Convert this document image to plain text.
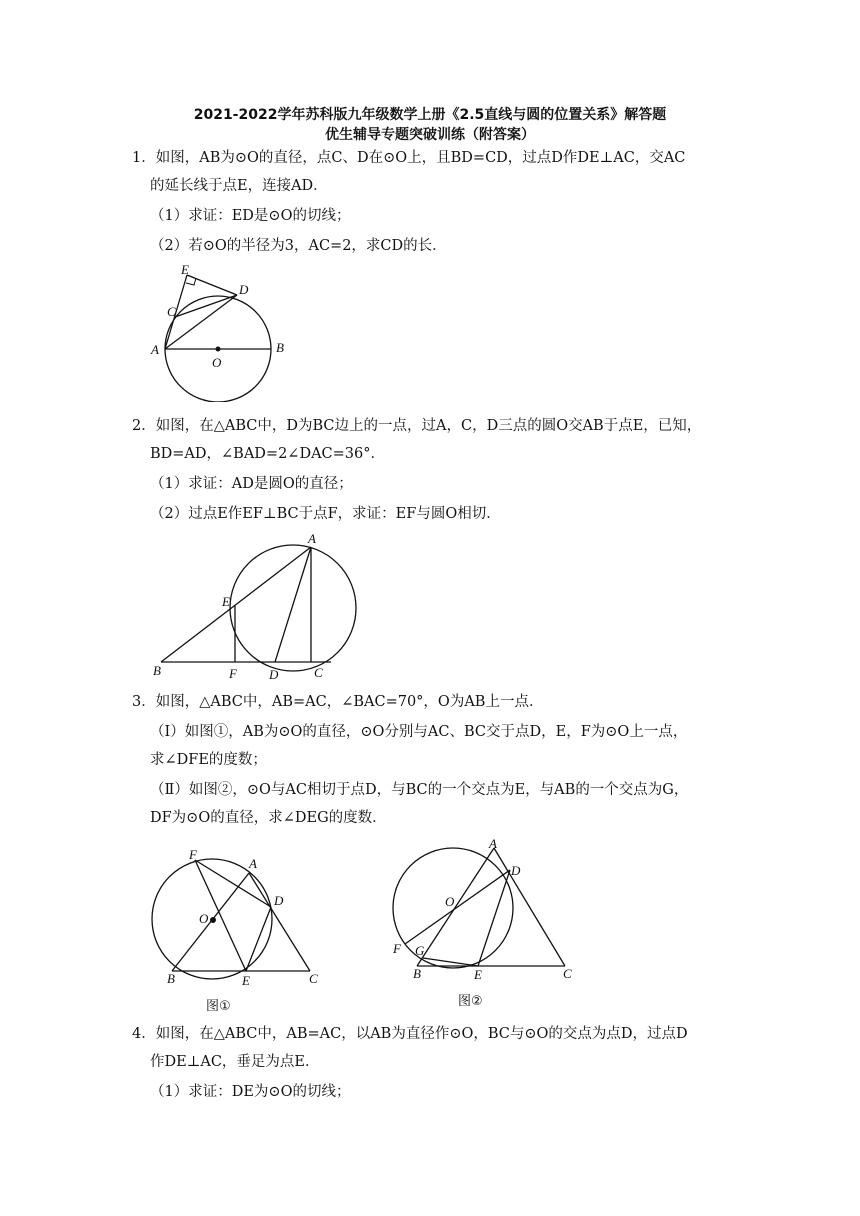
2021-2022学年苏科版九年级数学上册《2.5直线与圆的位置关系》解答题
优生辅导专题突破训练（附答案）
1．如图，AB为⊙O的直径，点C、D在⊙O上，且BD=CD，过点D作DE⊥AC，交AC
的延长线于点E，连接AD．
（1）求证：ED是⊙O的切线；
（2）若⊙O的半径为3，AC=2，求CD的长．
E
D
C
A
O
B
2．如图，在△ABC中，D为BC边上的一点，过A，C，D三点的圆O交AB于点E，已知，
BD=AD，∠BAD=2∠DAC=36°．
（1）求证：AD是圆O的直径；
（2）过点E作EF⊥BC于点F，求证：EF与圆O相切．
A
E
B	F D	C
3．如图，△ABC中，AB=AC，∠BAC=70°，O为AB上一点．
（Ⅰ）如图①，AB为⊙O的直径，⊙O分别与AC、BC交于点D，E，F为⊙O上一点，
求∠DFE的度数；
（Ⅱ）如图②，⊙O与AC相切于点D，与BC的一个交点为E，与AB的一个交点为G，
DF为⊙O的直径，求∠DEG的度数．
F
A
D
O
B	E	C
图①
A
D
O
F G
B	E	C
图②
4．如图，在△ABC中，AB=AC，以AB为直径作⊙O，BC与⊙O的交点为点D，过点D
作DE⊥AC，垂足为点E．
（1）求证：DE为⊙O的切线；
